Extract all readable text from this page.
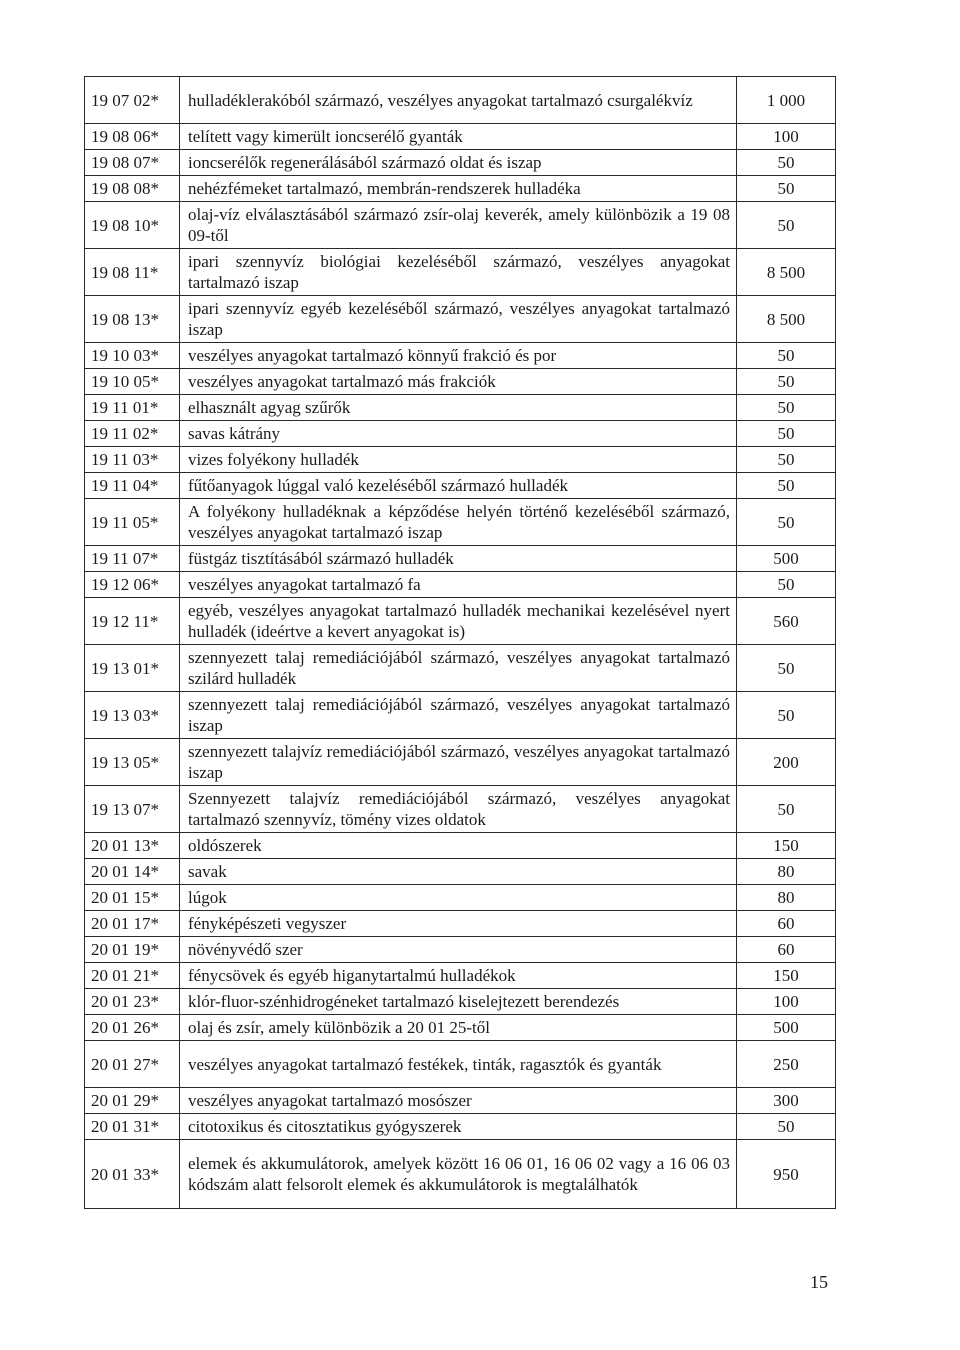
19 07 02*	hulladéklerakóból származó, veszélyes anyagokat tartalmazó csurgalékvíz	1 000
19 08 06*	telített vagy kimerült ioncserélő gyanták	100
19 08 07*	ioncserélők regenerálásából származó oldat és iszap	50
19 08 08*	nehézfémeket tartalmazó, membrán-rendszerek hulladéka	50
19 08 10*	olaj-víz elválasztásából származó zsír-olaj keverék, amely különbözik a 19 08 09-től	50
19 08 11*	ipari szennyvíz biológiai kezeléséből származó, veszélyes anyagokat tartalmazó iszap	8 500
19 08 13*	ipari szennyvíz egyéb kezeléséből származó, veszélyes anyagokat tartalmazó iszap	8 500
19 10 03*	veszélyes anyagokat tartalmazó könnyű frakció és por	50
19 10 05*	veszélyes anyagokat tartalmazó más frakciók	50
19 11 01*	elhasznált agyag szűrők	50
19 11 02*	savas kátrány	50
19 11 03*	vizes folyékony hulladék	50
19 11 04*	fűtőanyagok lúggal való kezeléséből származó hulladék	50
19 11 05*	A folyékony hulladéknak a képződése helyén történő kezeléséből származó, veszélyes anyagokat tartalmazó iszap	50
19 11 07*	füstgáz tisztításából származó hulladék	500
19 12 06*	veszélyes anyagokat tartalmazó fa	50
19 12 11*	egyéb, veszélyes anyagokat tartalmazó hulladék mechanikai kezelésével nyert hulladék (ideértve a kevert anyagokat is)	560
19 13 01*	szennyezett talaj remediációjából származó, veszélyes anyagokat tartalmazó szilárd hulladék	50
19 13 03*	szennyezett talaj remediációjából származó, veszélyes anyagokat tartalmazó iszap	50
19 13 05*	szennyezett talajvíz remediációjából származó, veszélyes anyagokat tartalmazó iszap	200
19 13 07*	Szennyezett talajvíz remediációjából származó, veszélyes anyagokat tartalmazó szennyvíz, tömény vizes oldatok	50
20 01 13*	oldószerek	150
20 01 14*	savak	80
20 01 15*	lúgok	80
20 01 17*	fényképészeti vegyszer	60
20 01 19*	növényvédő szer	60
20 01 21*	fénycsövek és egyéb higanytartalmú hulladékok	150
20 01 23*	klór-fluor-szénhidrogéneket tartalmazó kiselejtezett berendezés	100
20 01 26*	olaj és zsír, amely különbözik a 20 01 25-től	500
20 01 27*	veszélyes anyagokat tartalmazó festékek, tinták, ragasztók és gyanták	250
20 01 29*	veszélyes anyagokat tartalmazó mosószer	300
20 01 31*	citotoxikus és citosztatikus gyógyszerek	50
20 01 33*	elemek és akkumulátorok, amelyek között 16 06 01, 16 06 02 vagy a 16 06 03 kódszám alatt felsorolt elemek és akkumulátorok is megtalálhatók	950
15
